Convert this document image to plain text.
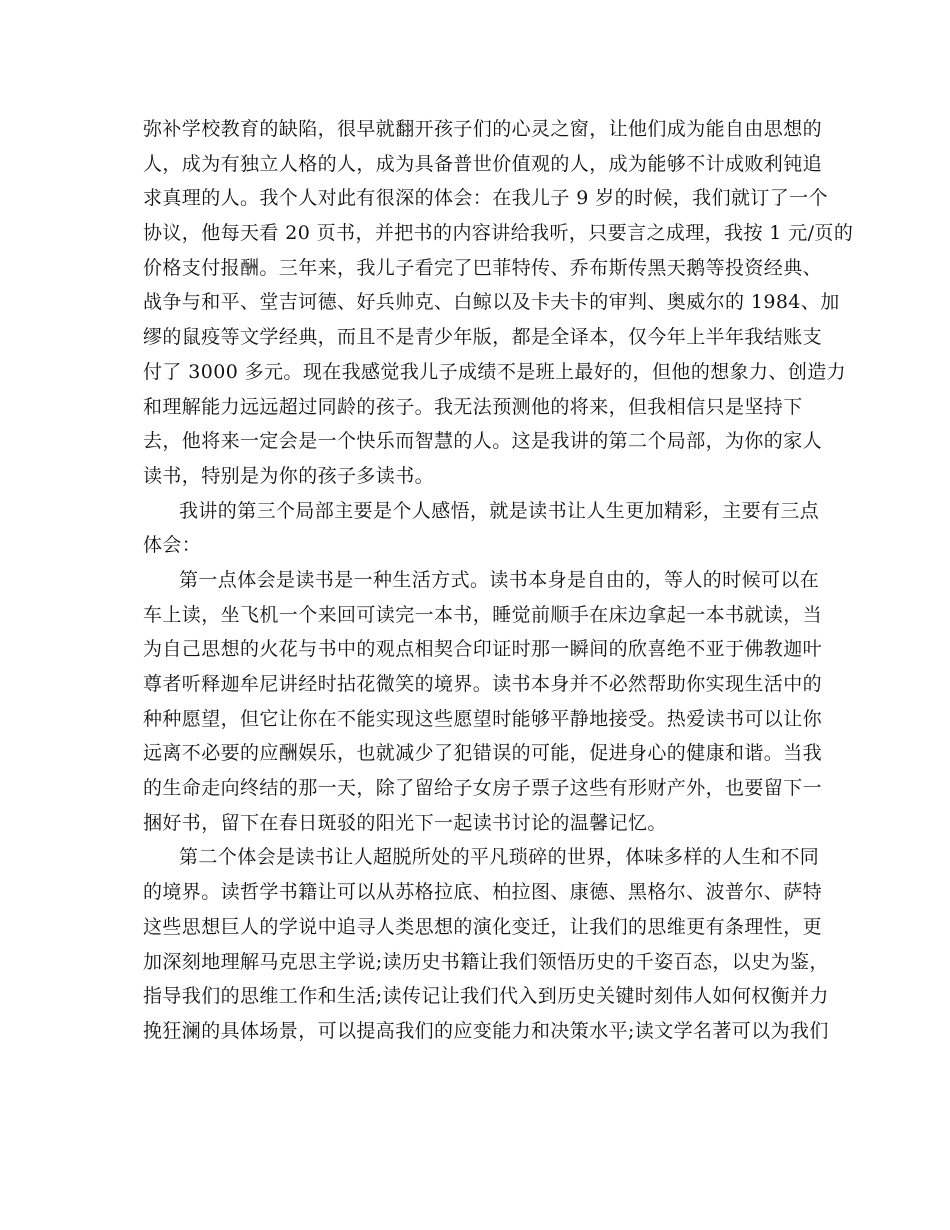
弥补学校教育的缺陷，很早就翻开孩子们的心灵之窗，让他们成为能自由思想的
人，成为有独立人格的人，成为具备普世价值观的人，成为能够不计成败利钝追
求真理的人。我个人对此有很深的体会：在我儿子 9 岁的时候，我们就订了一个
协议，他每天看 20 页书，并把书的内容讲给我听，只要言之成理，我按 1 元/页的
价格支付报酬。三年来，我儿子看完了巴菲特传、乔布斯传黑天鹅等投资经典、
战争与和平、堂吉诃德、好兵帅克、白鲸以及卡夫卡的审判、奥威尔的 1984、加
缪的鼠疫等文学经典，而且不是青少年版，都是全译本，仅今年上半年我结账支
付了 3000 多元。现在我感觉我儿子成绩不是班上最好的，但他的想象力、创造力
和理解能力远远超过同龄的孩子。我无法预测他的将来，但我相信只是坚持下
去，他将来一定会是一个快乐而智慧的人。这是我讲的第二个局部，为你的家人
读书，特别是为你的孩子多读书。
我讲的第三个局部主要是个人感悟，就是读书让人生更加精彩，主要有三点
体会：
第一点体会是读书是一种生活方式。读书本身是自由的，等人的时候可以在
车上读，坐飞机一个来回可读完一本书，睡觉前顺手在床边拿起一本书就读，当
为自己思想的火花与书中的观点相契合印证时那一瞬间的欣喜绝不亚于佛教迦叶
尊者听释迦牟尼讲经时拈花微笑的境界。读书本身并不必然帮助你实现生活中的
种种愿望，但它让你在不能实现这些愿望时能够平静地接受。热爱读书可以让你
远离不必要的应酬娱乐，也就减少了犯错误的可能，促进身心的健康和谐。当我
的生命走向终结的那一天，除了留给子女房子票子这些有形财产外，也要留下一
捆好书，留下在春日斑驳的阳光下一起读书讨论的温馨记忆。
第二个体会是读书让人超脱所处的平凡琐碎的世界，体味多样的人生和不同
的境界。读哲学书籍让可以从苏格拉底、柏拉图、康德、黑格尔、波普尔、萨特
这些思想巨人的学说中追寻人类思想的演化变迁，让我们的思维更有条理性，更
加深刻地理解马克思主学说;读历史书籍让我们领悟历史的千姿百态，以史为鉴，
指导我们的思维工作和生活;读传记让我们代入到历史关键时刻伟人如何权衡并力
挽狂澜的具体场景，可以提高我们的应变能力和决策水平;读文学名著可以为我们
